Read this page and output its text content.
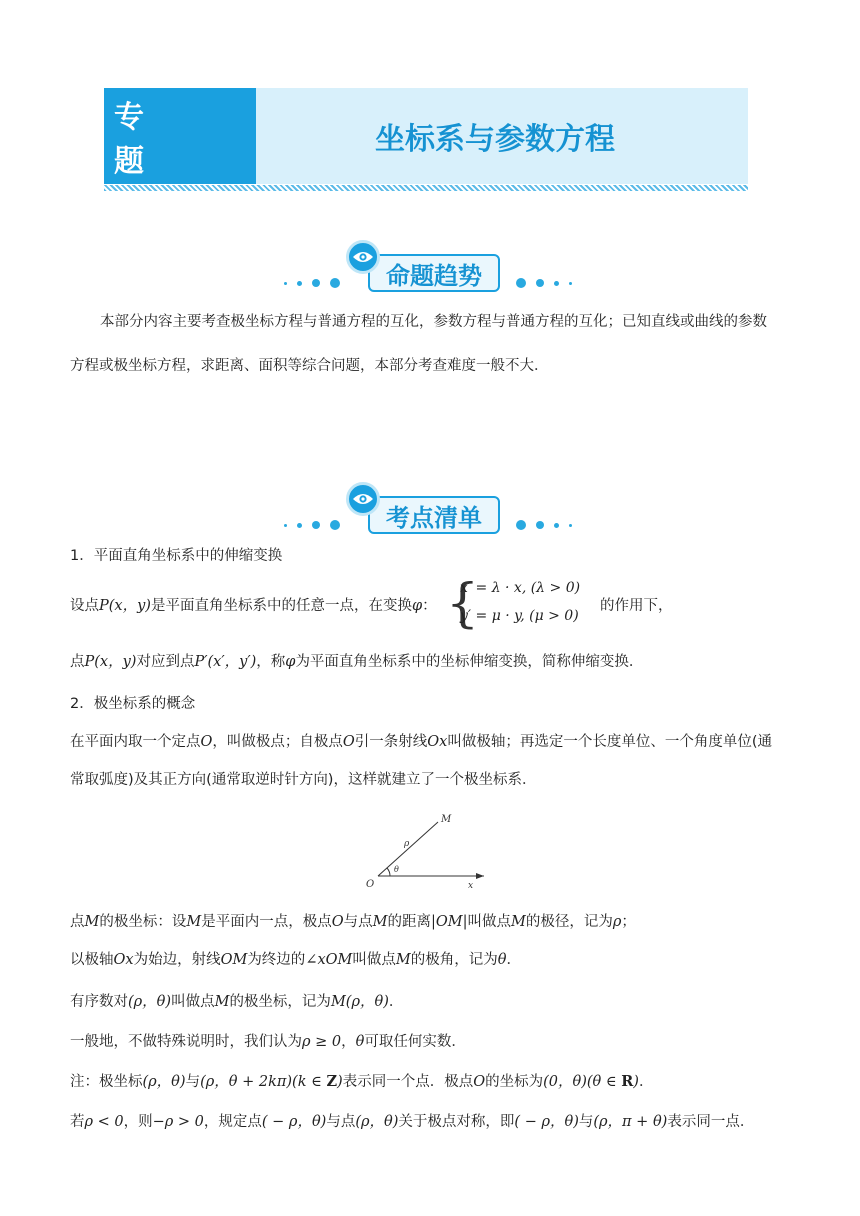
专 题
坐标系与参数方程
命题趋势
本部分内容主要考查极坐标方程与普通方程的互化，参数方程与普通方程的互化；已知直线或曲线的参数
方程或极坐标方程，求距离、面积等综合问题，本部分考查难度一般不大．
考点清单
1．平面直角坐标系中的伸缩变换
设点P(x，y)是平面直角坐标系中的任意一点，在变换φ： {
x′ = λ · x, (λ > 0)
y′ = μ · y, (μ > 0)
的作用下，
点P(x，y)对应到点P′(x′，y′)，称φ为平面直角坐标系中的坐标伸缩变换，简称伸缩变换．
2．极坐标系的概念
在平面内取一个定点O，叫做极点；自极点O引一条射线Ox叫做极轴；再选定一个长度单位、一个角度单位(通
常取弧度)及其正方向(通常取逆时针方向)，这样就建立了一个极坐标系．
M
ρ
θ
O	x
点M的极坐标：设M是平面内一点，极点O与点M的距离|OM|叫做点M的极径，记为ρ；
以极轴Ox为始边，射线OM为终边的∠xOM叫做点M的极角，记为θ．
有序数对(ρ，θ)叫做点M的极坐标，记为M(ρ，θ)．
一般地，不做特殊说明时，我们认为ρ ≥ 0，θ可取任何实数．
注：极坐标(ρ，θ)与(ρ，θ + 2kπ)(k ∈ Z)表示同一个点．极点O的坐标为(0，θ)(θ ∈ R)．
若ρ < 0，则−ρ > 0，规定点( − ρ，θ)与点(ρ，θ)关于极点对称，即( − ρ，θ)与(ρ，π + θ)表示同一点．
